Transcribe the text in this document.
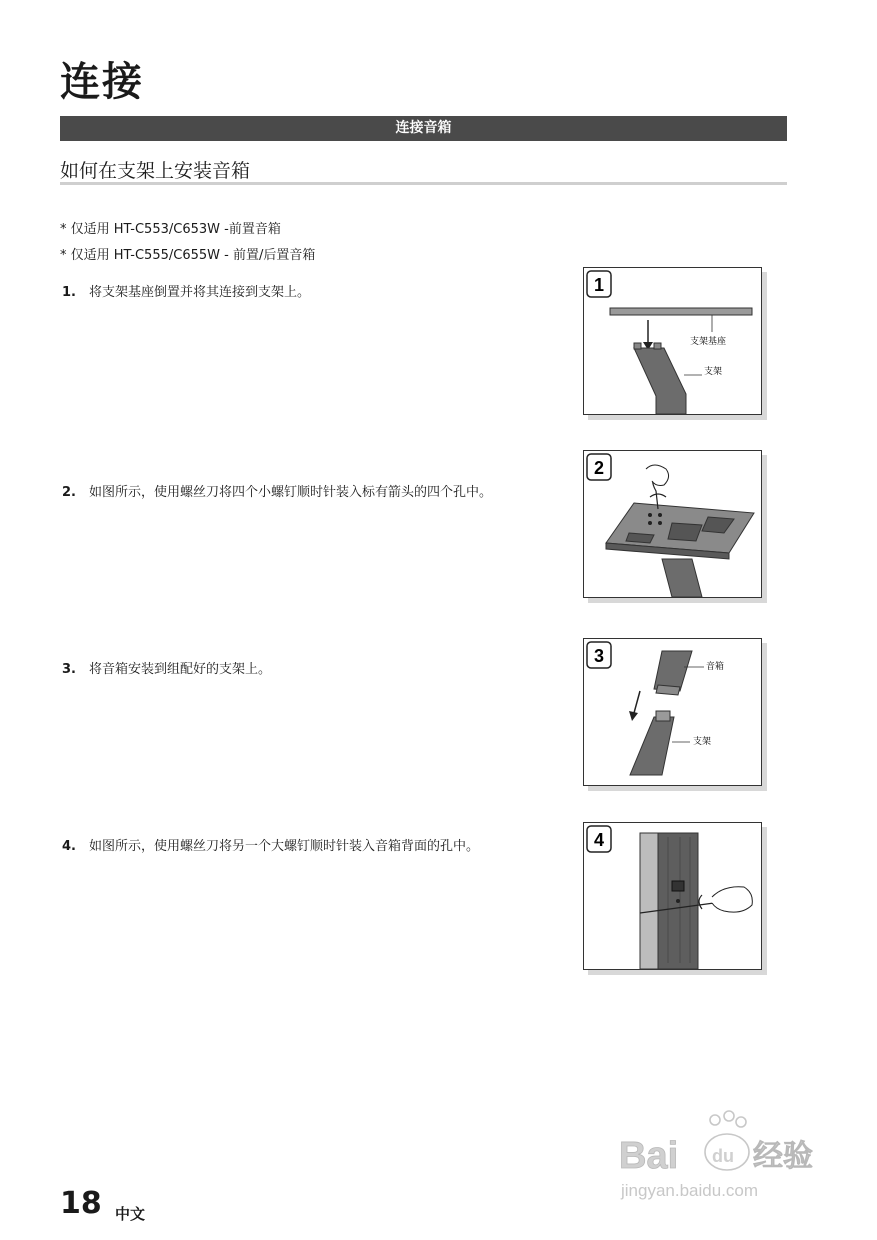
连接
连接音箱
如何在支架上安装音箱
* 仅适用 HT-C553/C653W -前置音箱
* 仅适用 HT-C555/C655W - 前置/后置音箱
1.	将支架基座倒置并将其连接到支架上。
2.	如图所示，使用螺丝刀将四个小螺钉顺时针装入标有箭头的四个孔中。
3.	将音箱安装到组配好的支架上。
4.	如图所示，使用螺丝刀将另一个大螺钉顺时针装入音箱背面的孔中。
1
支架基座
支架
2
3
音箱
支架
4
18 中文
Bai du 经验
jingyan.baidu.com
